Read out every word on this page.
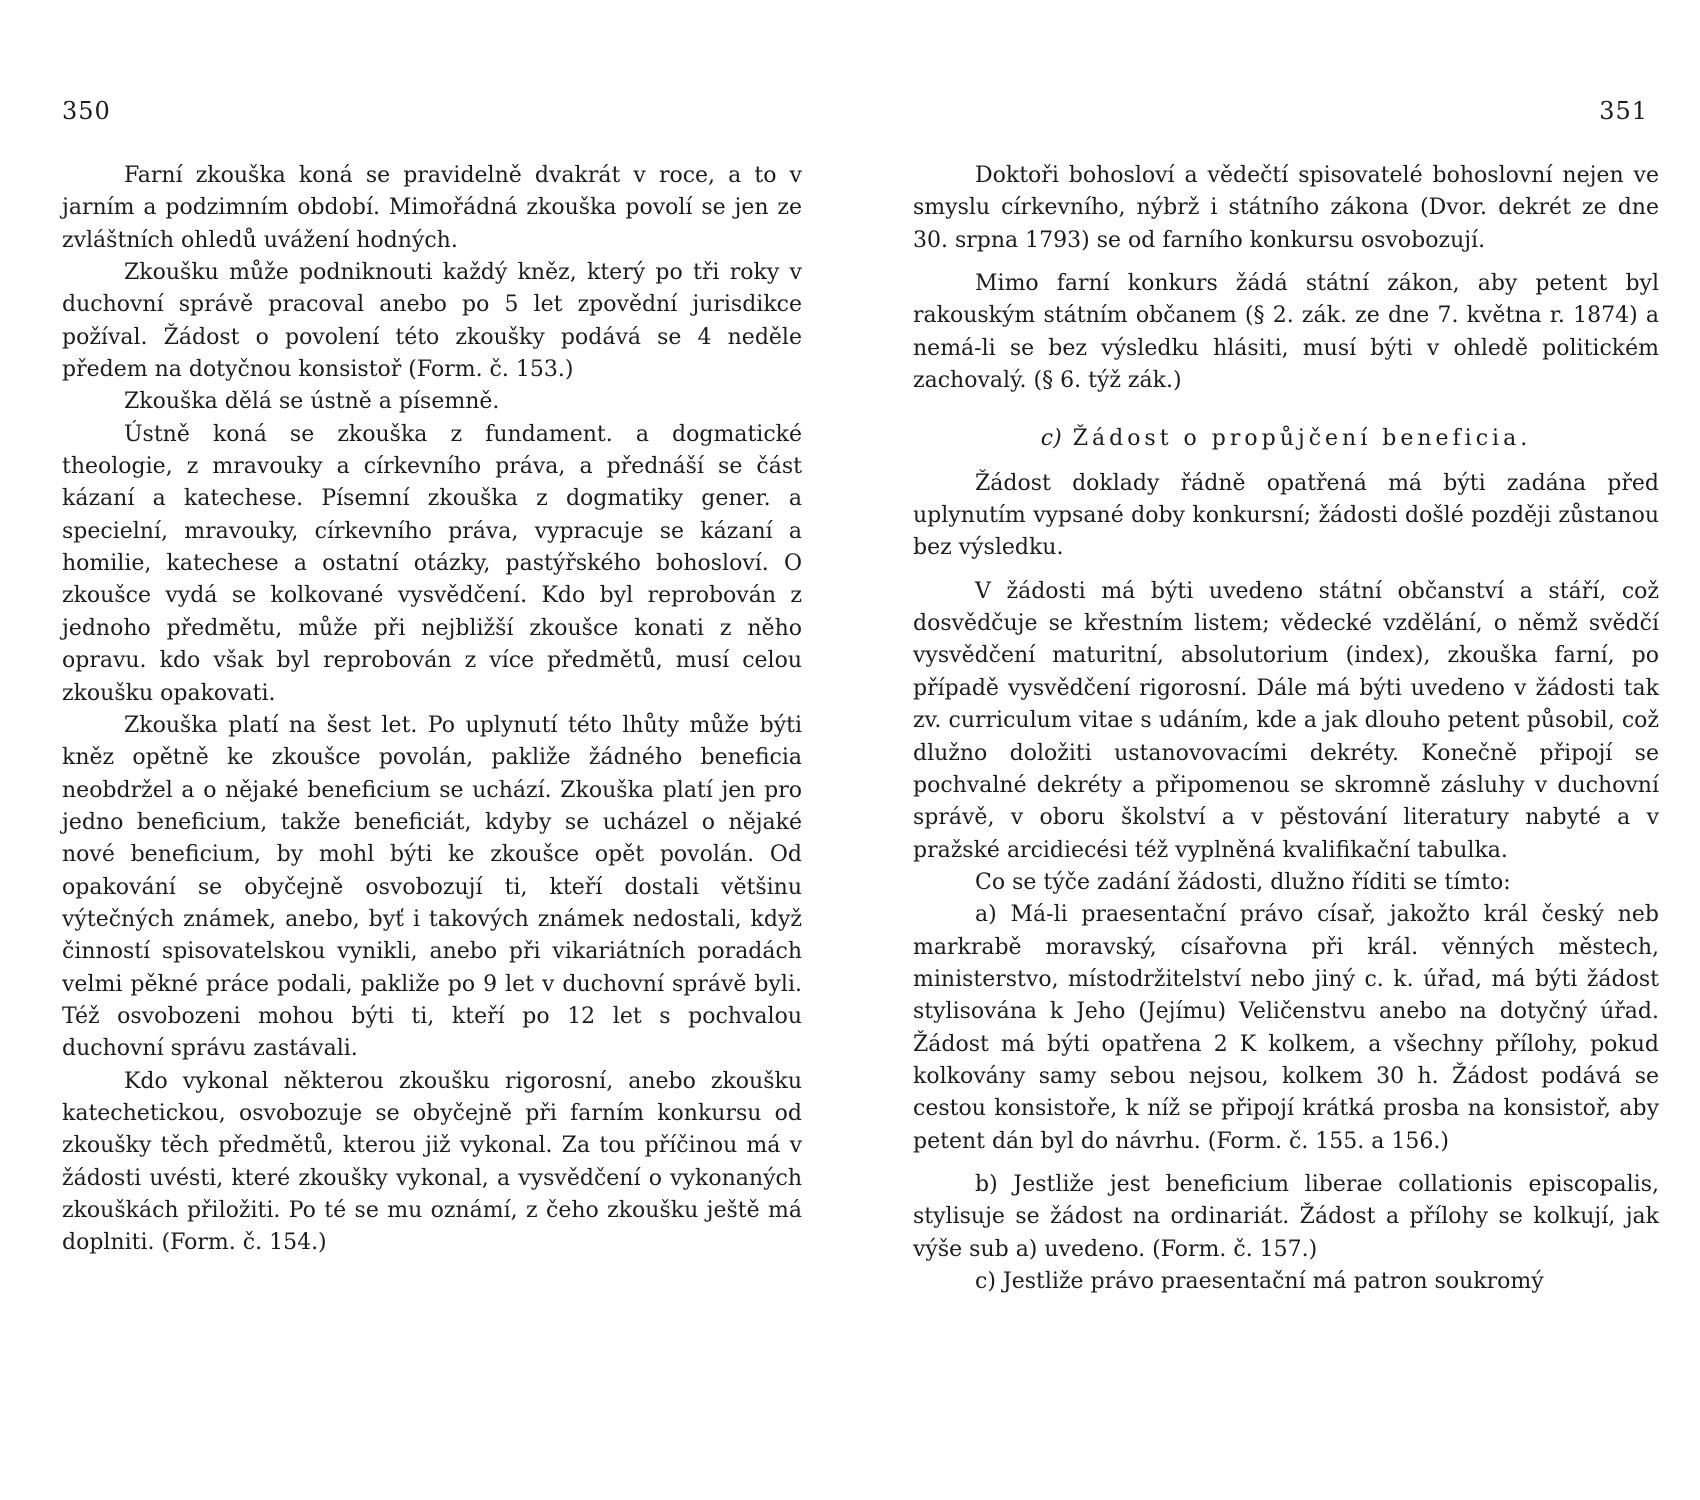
350

Farní zkouška koná se pravidelně dvakrát v roce, a to v jarním a podzimním období. Mimořádná zkouška povolí se jen ze zvláštních ohledů uvážení hodných.

Zkoušku může podniknouti každý kněz, který po tři roky v duchovní správě pracoval anebo po 5 let zpovědní jurisdikce požíval. Žádost o povolení této zkoušky podává se 4 neděle předem na dotyčnou konsistoř (Form. č. 153.)

Zkouška dělá se ústně a písemně.

Ústně koná se zkouška z fundament. a dogmatické theologie, z mravouky a církevního práva, a přednáší se část kázaní a katechese. Písemní zkouška z dogmatiky gener. a specielní, mravouky, církevního práva, vypracuje se kázaní a homilie, katechese a ostatní otázky, pastýřského bohosloví. O zkoušce vydá se kolkované vysvědčení. Kdo byl reprobován z jednoho předmětu, může při nejbližší zkoušce konati z něho opravu. kdo však byl reprobován z více předmětů, musí celou zkoušku opakovati.

Zkouška platí na šest let. Po uplynutí této lhůty může býti kněz opětně ke zkoušce povolán, pakliže žádného beneficia neobdržel a o nějaké beneficium se uchází. Zkouška platí jen pro jedno beneficium, takže beneficiát, kdyby se ucházel o nějaké nové beneficium, by mohl býti ke zkoušce opět povolán. Od opakování se obyčejně osvobozují ti, kteří dostali většinu výtečných známek, anebo, byť i takových známek nedostali, když činností spisovatelskou vynikli, anebo při vikariátních poradách velmi pěkné práce podali, pakliže po 9 let v duchovní správě byli. Též osvobozeni mohou býti ti, kteří po 12 let s pochvalou duchovní správu zastávali.

Kdo vykonal některou zkoušku rigorosní, anebo zkoušku katechetickou, osvobozuje se obyčejně při farním konkursu od zkoušky těch předmětů, kterou již vykonal. Za tou příčinou má v žádosti uvésti, které zkoušky vykonal, a vysvědčení o vykonaných zkouškách přiložiti. Po té se mu oznámí, z čeho zkoušku ještě má doplniti. (Form. č. 154.)

351

Doktoři bohosloví a vědečtí spisovatelé bohoslovní nejen ve smyslu církevního, nýbrž i státního zákona (Dvor. dekrét ze dne 30. srpna 1793) se od farního konkursu osvobozují.

Mimo farní konkurs žádá státní zákon, aby petent byl rakouským státním občanem (§ 2. zák. ze dne 7. května r. 1874) a nemá-li se bez výsledku hlásiti, musí býti v ohledě politickém zachovalý. (§ 6. týž zák.)

c) Žádost o propůjčení beneficia.

Žádost doklady řádně opatřená má býti zadána před uplynutím vypsané doby konkursní; žádosti došlé později zůstanou bez výsledku.

V žádosti má býti uvedeno státní občanství a stáří, což dosvědčuje se křestním listem; vědecké vzdělání, o němž svědčí vysvědčení maturitní, absolutorium (index), zkouška farní, po případě vysvědčení rigorosní. Dále má býti uvedeno v žádosti tak zv. curriculum vitae s udáním, kde a jak dlouho petent působil, což dlužno doložiti ustanovovacími dekréty. Konečně připojí se pochvalné dekréty a připomenou se skromně zásluhy v duchovní správě, v oboru školství a v pěstování literatury nabyté a v pražské arcidiecési též vyplněná kvalifikační tabulka.

Co se týče zadání žádosti, dlužno říditi se tímto:

a) Má-li praesentační právo císař, jakožto král český neb markrabě moravský, císařovna při král. věnných městech, ministerstvo, místodržitelství nebo jiný c. k. úřad, má býti žádost stylisována k Jeho (Jejímu) Veličenstvu anebo na dotyčný úřad. Žádost má býti opatřena 2 K kolkem, a všechny přílohy, pokud kolkovány samy sebou nejsou, kolkem 30 h. Žádost podává se cestou konsistoře, k níž se připojí krátká prosba na konsistoř, aby petent dán byl do návrhu. (Form. č. 155. a 156.)

b) Jestliže jest beneficium liberae collationis episcopalis, stylisuje se žádost na ordinariát. Žádost a přílohy se kolkují, jak výše sub a) uvedeno. (Form. č. 157.)

c) Jestliže právo praesentační má patron soukromý
